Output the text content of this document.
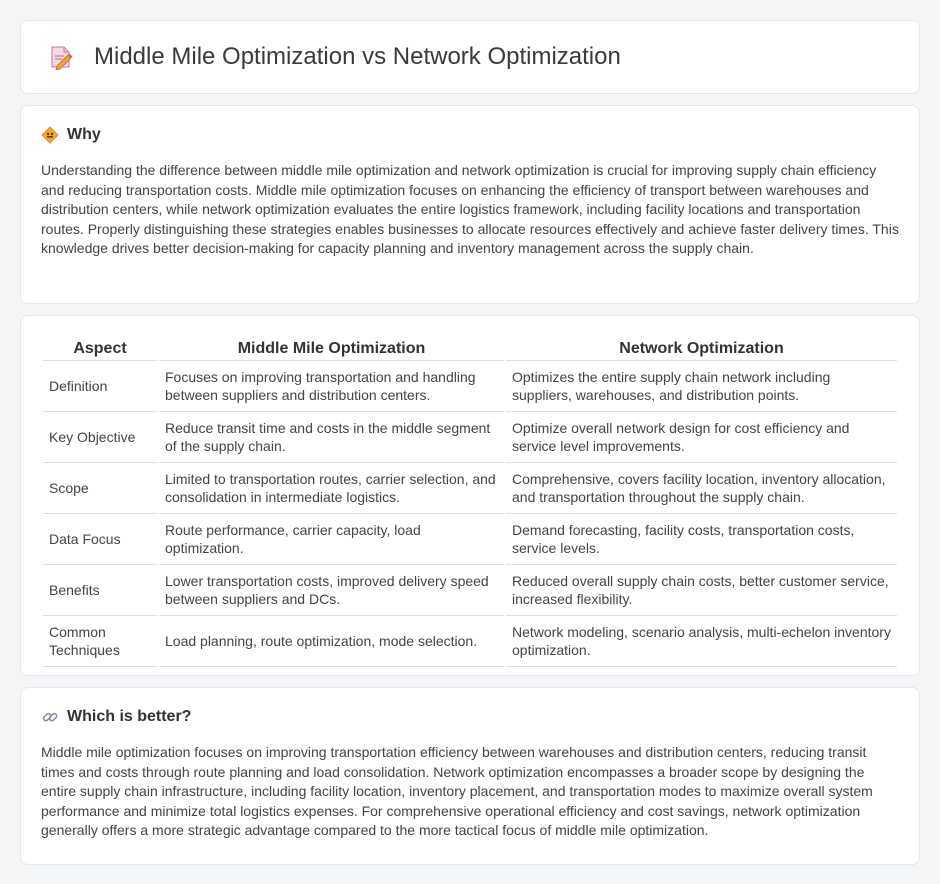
Middle Mile Optimization vs Network Optimization
Why

Understanding the difference between middle mile optimization and network optimization is crucial for improving supply chain efficiency and reducing transportation costs. Middle mile optimization focuses on enhancing the efficiency of transport between warehouses and distribution centers, while network optimization evaluates the entire logistics framework, including facility locations and transportation routes. Properly distinguishing these strategies enables businesses to allocate resources effectively and achieve faster delivery times. This knowledge drives better decision-making for capacity planning and inventory management across the supply chain.

Aspect	Middle Mile Optimization	Network Optimization
Definition	Focuses on improving transportation and handling between suppliers and distribution centers.	Optimizes the entire supply chain network including suppliers, warehouses, and distribution points.
Key Objective	Reduce transit time and costs in the middle segment of the supply chain.	Optimize overall network design for cost efficiency and service level improvements.
Scope	Limited to transportation routes, carrier selection, and consolidation in intermediate logistics.	Comprehensive, covers facility location, inventory allocation, and transportation throughout the supply chain.
Data Focus	Route performance, carrier capacity, load optimization.	Demand forecasting, facility costs, transportation costs, service levels.
Benefits	Lower transportation costs, improved delivery speed between suppliers and DCs.	Reduced overall supply chain costs, better customer service, increased flexibility.
Common Techniques	Load planning, route optimization, mode selection.	Network modeling, scenario analysis, multi-echelon inventory optimization.
Which is better?

Middle mile optimization focuses on improving transportation efficiency between warehouses and distribution centers, reducing transit times and costs through route planning and load consolidation. Network optimization encompasses a broader scope by designing the entire supply chain infrastructure, including facility location, inventory placement, and transportation modes to maximize overall system performance and minimize total logistics expenses. For comprehensive operational efficiency and cost savings, network optimization generally offers a more strategic advantage compared to the more tactical focus of middle mile optimization.
